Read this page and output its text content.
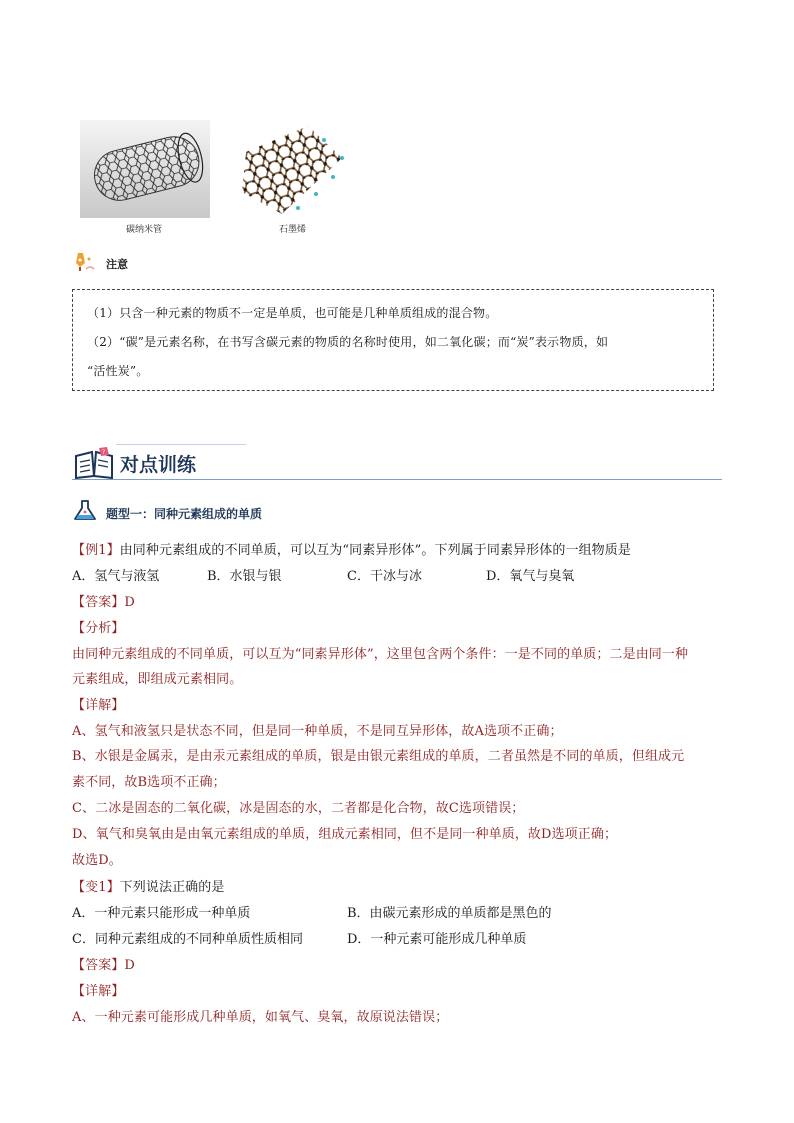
碳纳米管	石墨烯
注意

（1）只含一种元素的物质不一定是单质，也可能是几种单质组成的混合物。

（2）“碳”是元素名称，在书写含碳元素的物质的名称时使用，如二氧化碳；而“炭”表示物质，如

“活性炭”。

?
对点训练
题型一：同种元素组成的单质
【例1】由同种元素组成的不同单质，可以互为“同素异形体”。下列属于同素异形体的一组物质是
A．氢气与液氢	B．水银与银	C．干冰与冰	D．氧气与臭氧
【答案】D
【分析】
由同种元素组成的不同单质，可以互为“同素异形体”，这里包含两个条件：一是不同的单质；二是由同一种
元素组成，即组成元素相同。
【详解】
A、氢气和液氢只是状态不同，但是同一种单质，不是同互异形体，故A选项不正确；
B、水银是金属汞，是由汞元素组成的单质，银是由银元素组成的单质，二者虽然是不同的单质，但组成元
素不同，故B选项不正确；
C、二冰是固态的二氧化碳，冰是固态的水，二者都是化合物，故C选项错误；
D、氧气和臭氧由是由氧元素组成的单质，组成元素相同，但不是同一种单质，故D选项正确；
故选D。
【变1】下列说法正确的是
A．一种元素只能形成一种单质	B．由碳元素形成的单质都是黑色的
C．同种元素组成的不同种单质性质相同	D．一种元素可能形成几种单质
【答案】D
【详解】
A、一种元素可能形成几种单质，如氧气、臭氧，故原说法错误；
